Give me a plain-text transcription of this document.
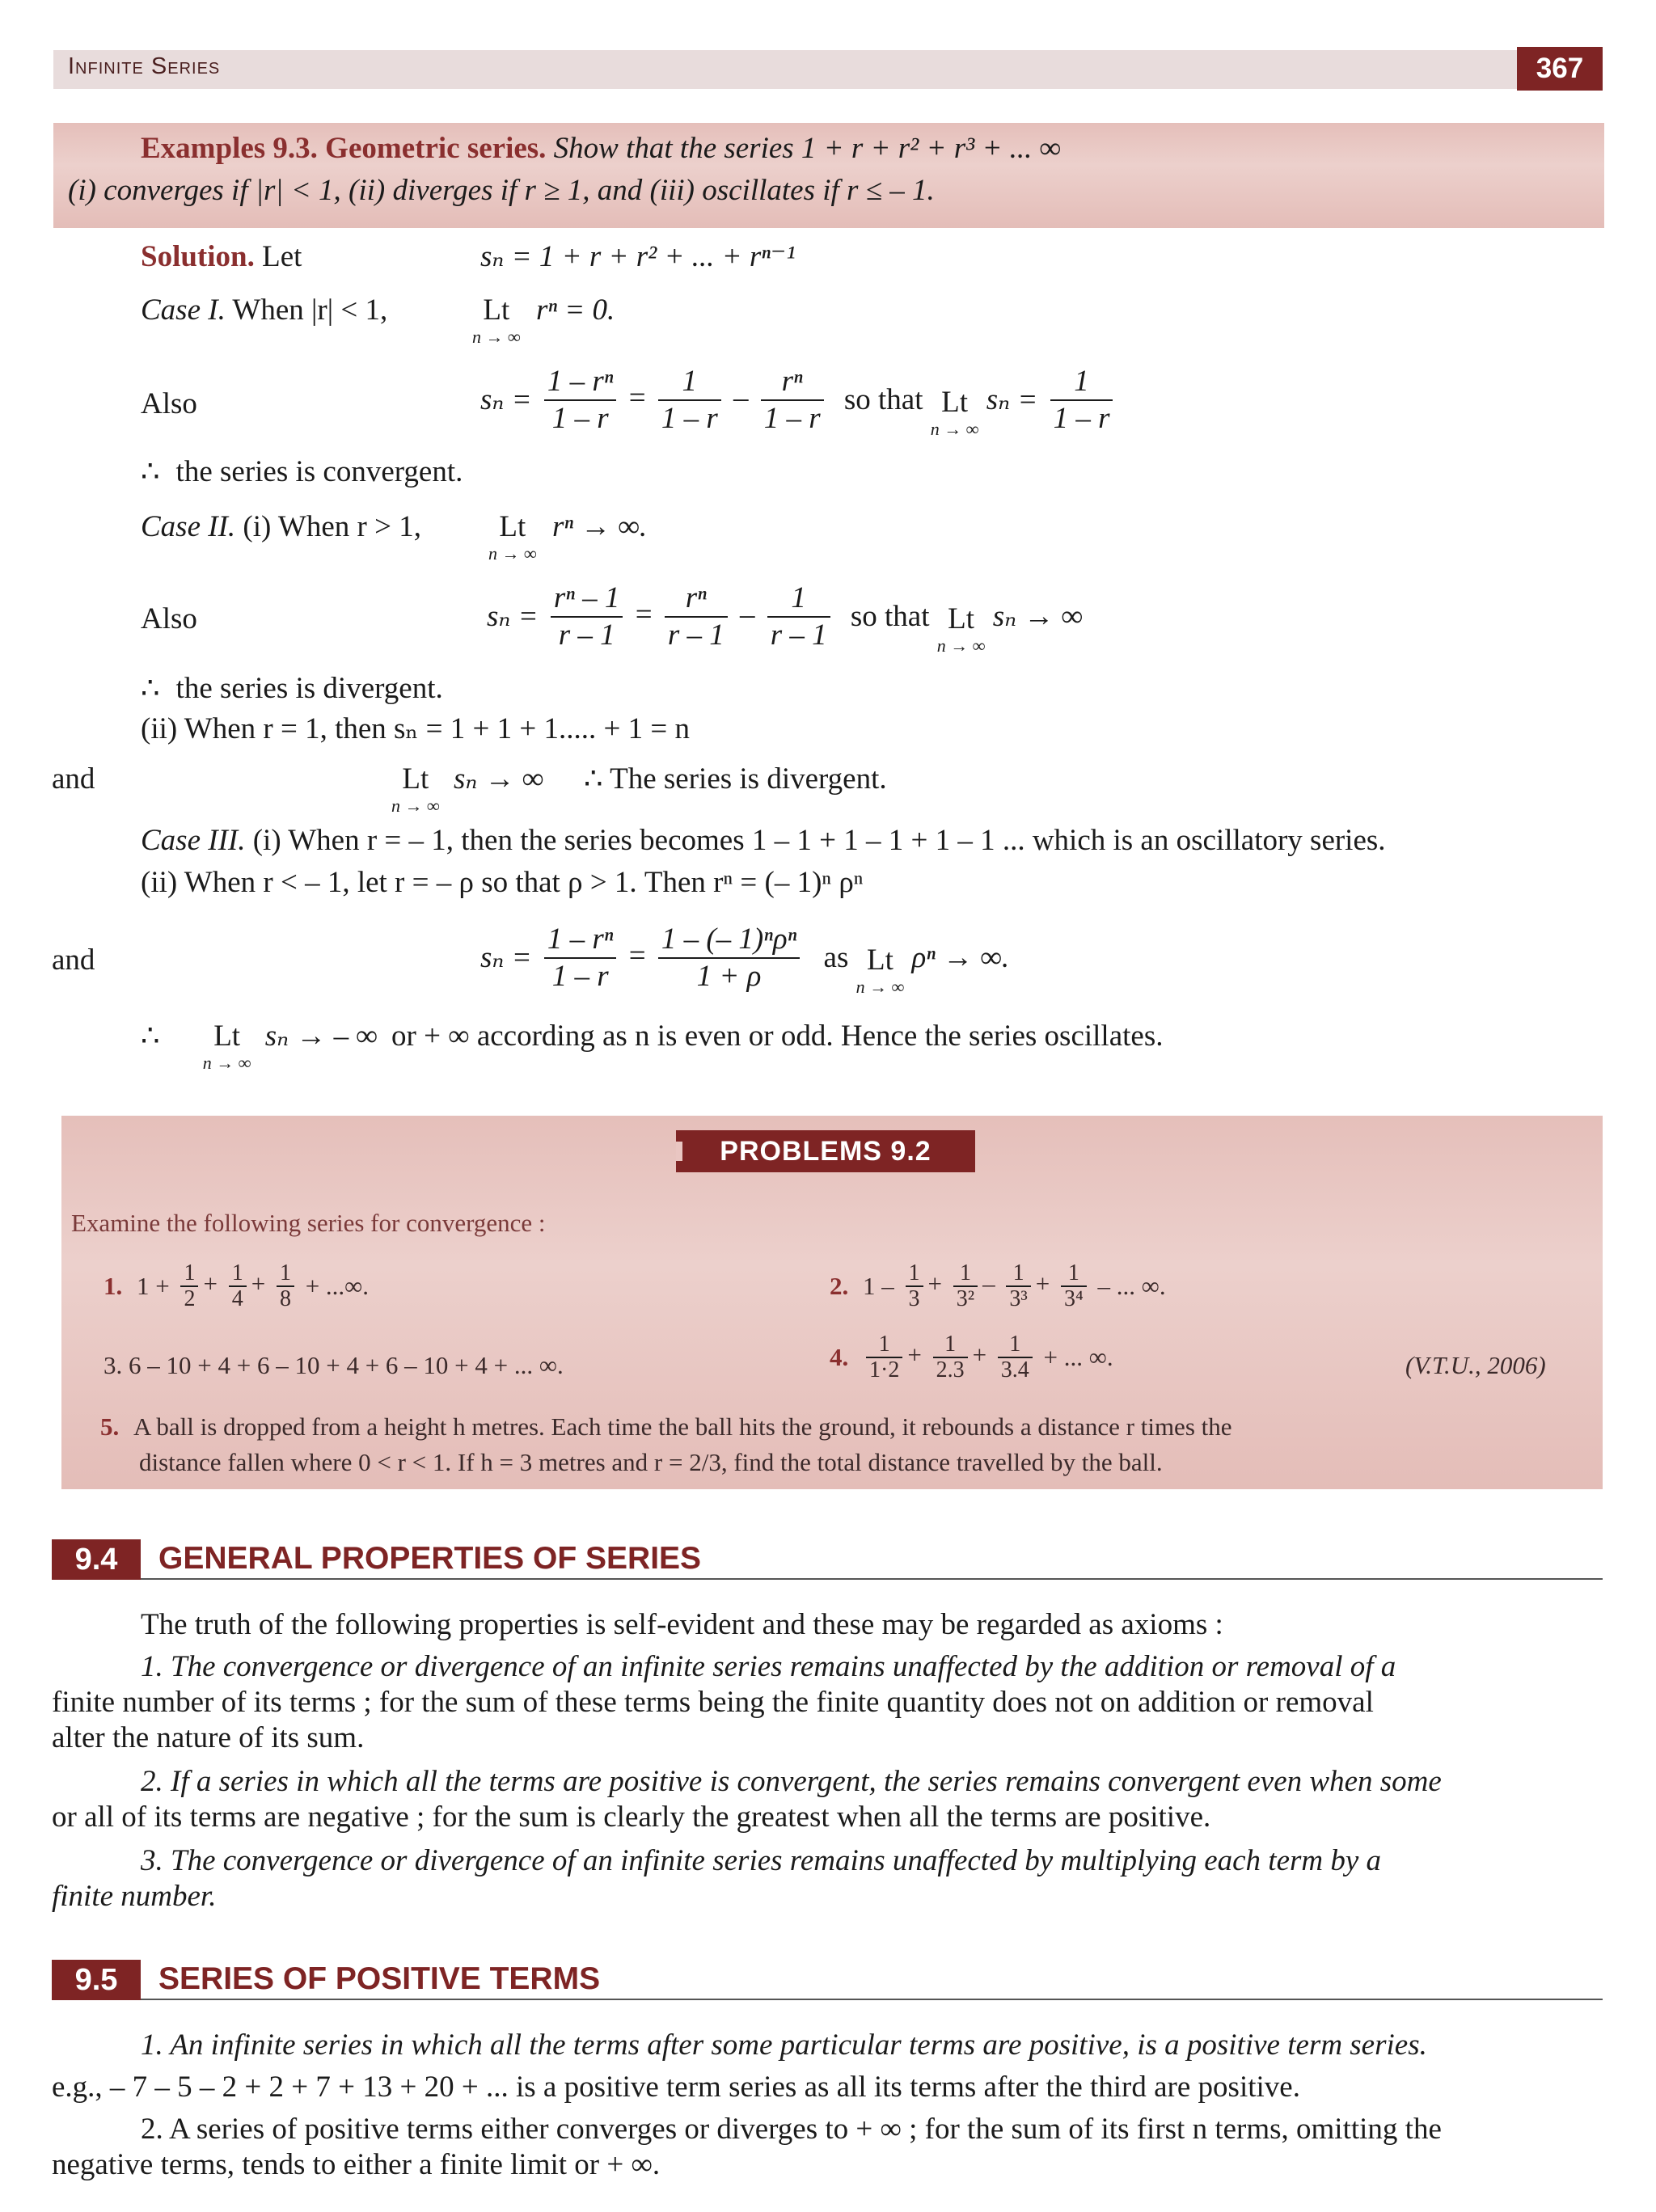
Infinite Series	367
Examples 9.3. Geometric series. Show that the series 1 + r + r² + r³ + ... ∞
(i) converges if |r| < 1, (ii) diverges if r ≥ 1, and (iii) oscillates if r ≤ – 1.
Solution. Let	sₙ = 1 + r + r² + ... + rⁿ⁻¹
Case I. When |r| < 1,	Lt
n → ∞
rⁿ = 0.
Also	$s_n = \frac{\text{1 – rⁿ}}{1 - r} = \frac{1}{1 - r} - \frac{\text{rⁿ}}{1 - r}$ so that Lt
n → ∞
$s_n = \frac{1}{1 - r}$
∴ the series is convergent.
Case II. (i) When r > 1,	Lt
n → ∞
rⁿ → ∞.
Also	$s_n = \frac{\text{rⁿ – 1}}{r - 1} = \frac{\text{rⁿ}}{r - 1} - \frac{1}{r - 1}$ so that Lt
n → ∞
sₙ → ∞
∴ the series is divergent.
(ii) When r = 1, then sₙ = 1 + 1 + 1..... + 1 = n
and	Lt
n → ∞
sₙ → ∞ ∴ The series is divergent.
Case III. (i) When r = – 1, then the series becomes 1 – 1 + 1 – 1 + 1 – 1 ... which is an oscillatory series.
(ii) When r < – 1, let r = – ρ so that ρ > 1. Then rⁿ = (– 1)ⁿ ρⁿ
and	$s_n = \frac{\text{1 – rⁿ}}{1 - r} = \frac{\text{1 – (– 1)ⁿρⁿ}}{1 + \rho}$ as Lt
n → ∞
ρⁿ → ∞.
∴	Lt
n → ∞
sₙ → – ∞ or + ∞ according as n is even or odd. Hence the series oscillates.
PROBLEMS 9.2
Examine the following series for convergence :
1. $1 + \frac{1}{2} + \frac{1}{4} + \frac{1}{8}$ + ...∞.	2. $1 - \frac{1}{3} + \frac{1}{\text{3²}} - \frac{1}{\text{3³}} + \frac{1}{\text{3⁴}}$ – ... ∞.
3. 6 – 10 + 4 + 6 – 10 + 4 + 6 – 10 + 4 + ... ∞.	4. $\frac{1}{1\cdot 2} + \frac{1}{2.3} + \frac{1}{3.4}$ + ... ∞.	(V.T.U., 2006)
5. A ball is dropped from a height h metres. Each time the ball hits the ground, it rebounds a distance r times the
distance fallen where 0 < r < 1. If h = 3 metres and r = 2/3, find the total distance travelled by the ball.
9.4	GENERAL PROPERTIES OF SERIES
The truth of the following properties is self-evident and these may be regarded as axioms :
1. The convergence or divergence of an infinite series remains unaffected by the addition or removal of a
finite number of its terms ; for the sum of these terms being the finite quantity does not on addition or removal
alter the nature of its sum.
2. If a series in which all the terms are positive is convergent, the series remains convergent even when some
or all of its terms are negative ; for the sum is clearly the greatest when all the terms are positive.
3. The convergence or divergence of an infinite series remains unaffected by multiplying each term by a
finite number.
9.5	SERIES OF POSITIVE TERMS
1. An infinite series in which all the terms after some particular terms are positive, is a positive term series.
e.g., – 7 – 5 – 2 + 2 + 7 + 13 + 20 + ... is a positive term series as all its terms after the third are positive.
2. A series of positive terms either converges or diverges to + ∞ ; for the sum of its first n terms, omitting the
negative terms, tends to either a finite limit or + ∞.
